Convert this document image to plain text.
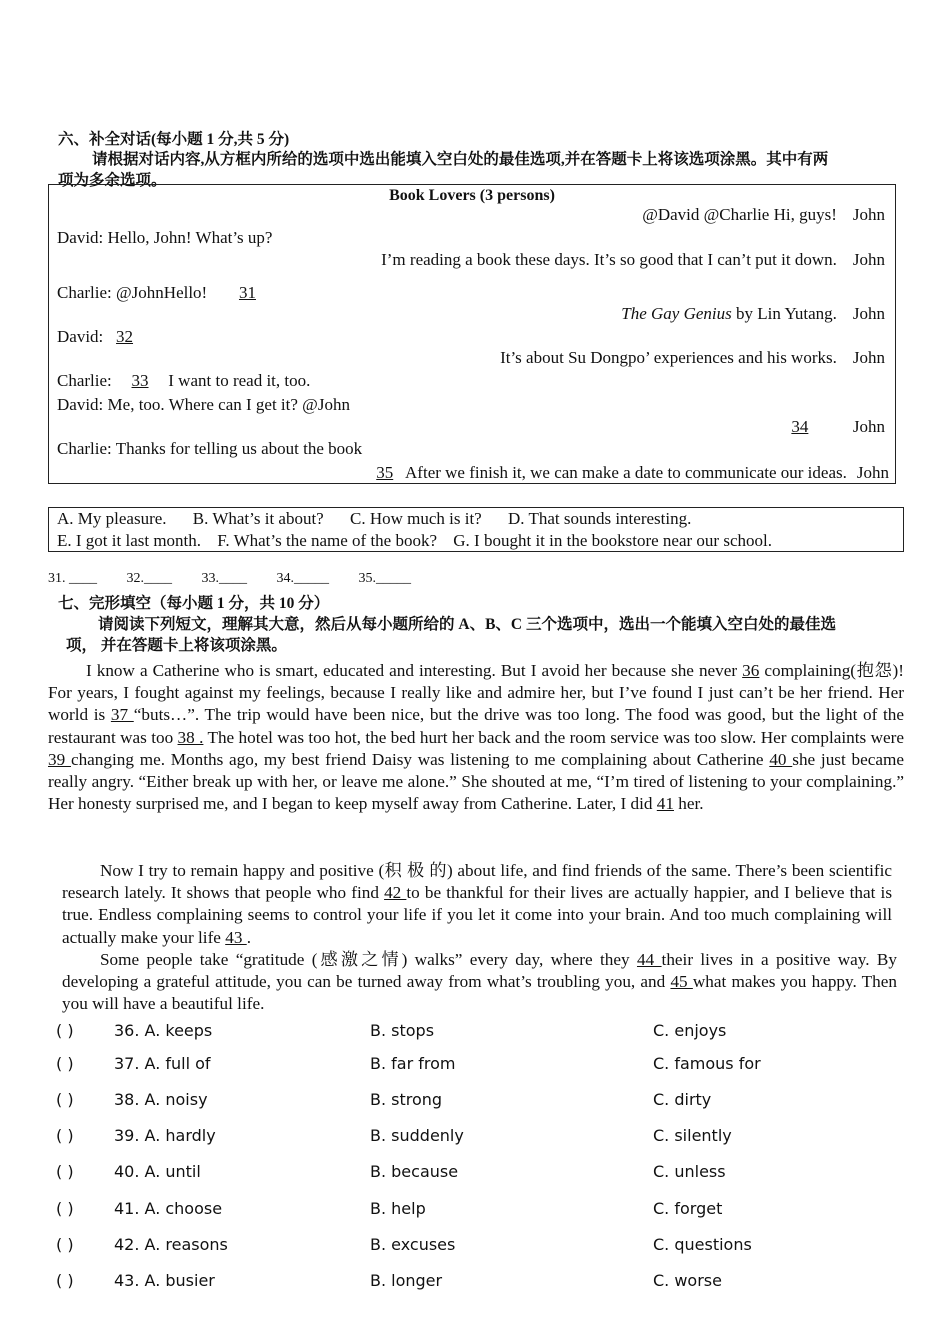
六、补全对话(每小题 1 分,共 5 分)
请根据对话内容,从方框内所给的选项中选出能填入空白处的最佳选项,并在答题卡上将该选项涂黑。其中有两
项为多余选项。
Book Lovers (3 persons)
@David @Charlie Hi, guys! John
David: Hello, John! What’s up?
I’m reading a book these days. It’s so good that I can’t put it down. John
Charlie: @JohnHello! 31
The Gay Genius by Lin Yutang. John
David: 32
It’s about Su Dongpo’ experiences and his works. John
Charlie: 33 I want to read it, too.
David: Me, too. Where can I get it? @John
34	John
Charlie: Thanks for telling us about the book
35 After we finish it, we can make a date to communicate our ideas. John
A. My pleasure. B. What’s it about? C. How much is it? D. That sounds interesting.
E. I got it last month. F. What’s the name of the book? G. I bought it in the bookstore near our school.
31. ____ 32.____ 33.____ 34._____ 35._____
七、完形填空（每小题 1 分，共 10 分）
请阅读下列短文，理解其大意，然后从每小题所给的 A、B、C 三个选项中，选出一个能填入空白处的最佳选
项， 并在答题卡上将该项涂黑。
I know a Catherine who is smart, educated and interesting. But I avoid her because she never 36 complaining(抱怨)! For years, I fought against my feelings, because I really like and admire her, but I’ve found I just can’t be her friend. Her world is 37 “buts…”. The trip would have been nice, but the drive was too long. The food was good, but the light of the restaurant was too 38 . The hotel was too hot, the bed hurt her back and the room service was too slow. Her complaints were 39 changing me. Months ago, my best friend Daisy was listening to me complaining about Catherine 40 she just became really angry. “Either break up with her, or leave me alone.” She shouted at me, “I’m tired of listening to your complaining.” Her honesty surprised me, and I began to keep myself away from Catherine. Later, I did 41 her.
Now I try to remain happy and positive (积 极 的) about life, and find friends of the same. There’s been scientific research lately. It shows that people who find 42 to be thankful for their lives are actually happier, and I believe that is true. Endless complaining seems to control your life if you let it come into your brain. And too much complaining will actually make your life 43 .
Some people take “gratitude (感激之情) walks” every day, where they 44 their lives in a positive way. By developing a grateful attitude, you can be turned away from what’s troubling you, and 45 what makes you happy. Then you will have a beautiful life.
( )	36. A. keeps	B. stops	C. enjoys
( )	37. A. full of	B. far from	C. famous for
( )	38. A. noisy	B. strong	C. dirty
( )	39. A. hardly	B. suddenly	C. silently
( )	40. A. until	B. because	C. unless
( )	41. A. choose	B. help	C. forget
( )	42. A. reasons	B. excuses	C. questions
( )	43. A. busier	B. longer	C. worse
